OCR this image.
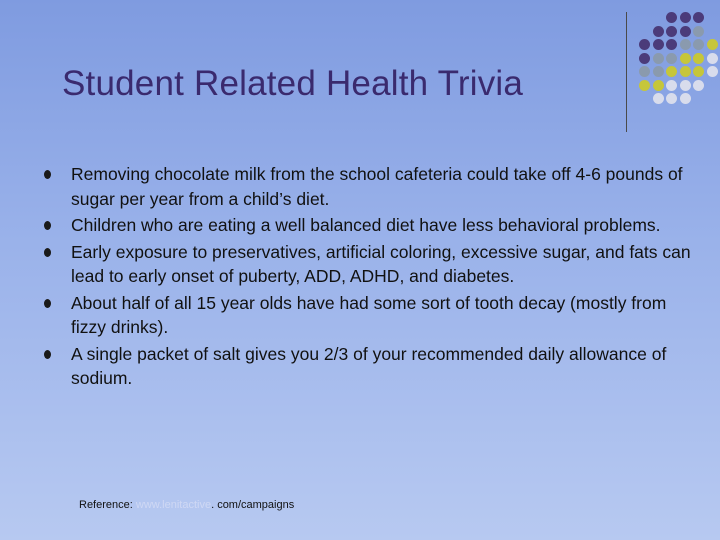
Student Related Health Trivia
Removing chocolate milk from the school cafeteria could take off 4-6 pounds of sugar per year from a child’s diet.
Children who are eating a well balanced diet have less behavioral problems.
Early exposure to preservatives, artificial coloring, excessive sugar, and fats can lead to early onset of puberty, ADD, ADHD, and diabetes.
About half of all 15 year olds have had some sort of tooth decay (mostly from fizzy drinks).
A single packet of salt gives you 2/3 of your recommended daily allowance of sodium.
Reference: www.lenitactive. com/campaigns
